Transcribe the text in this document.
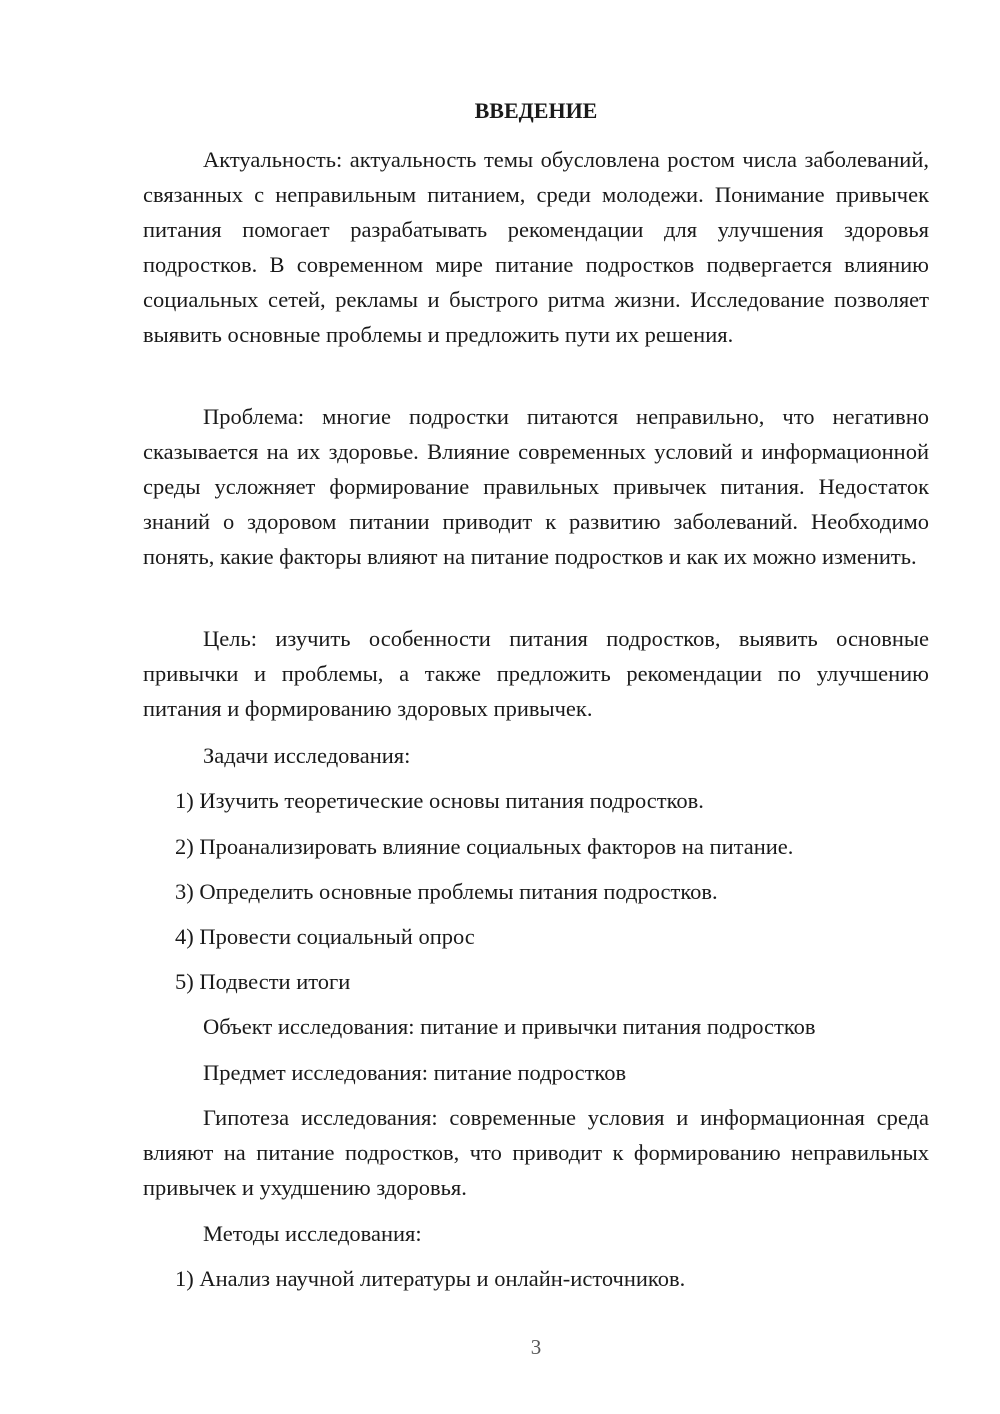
ВВЕДЕНИЕ

Актуальность: актуальность темы обусловлена ростом числа заболеваний, связанных с неправильным питанием, среди молодежи. Понимание привычек питания помогает разрабатывать рекомендации для улучшения здоровья подростков. В современном мире питание подростков подвергается влиянию социальных сетей, рекламы и быстрого ритма жизни. Исследование позволяет выявить основные проблемы и предложить пути их решения.

Проблема: многие подростки питаются неправильно, что негативно сказывается на их здоровье. Влияние современных условий и информационной среды усложняет формирование правильных привычек питания. Недостаток знаний о здоровом питании приводит к развитию заболеваний. Необходимо понять, какие факторы влияют на питание подростков и как их можно изменить.

Цель: изучить особенности питания подростков, выявить основные привычки и проблемы, а также предложить рекомендации по улучшению питания и формированию здоровых привычек.

Задачи исследования:

1) Изучить теоретические основы питания подростков.

2) Проанализировать влияние социальных факторов на питание.

3) Определить основные проблемы питания подростков.

4) Провести социальный опрос

5) Подвести итоги

Объект исследования: питание и привычки питания подростков

Предмет исследования: питание подростков

Гипотеза исследования: современные условия и информационная среда влияют на питание подростков, что приводит к формированию неправильных привычек и ухудшению здоровья.

Методы исследования:

1) Анализ научной литературы и онлайн-источников.

3
